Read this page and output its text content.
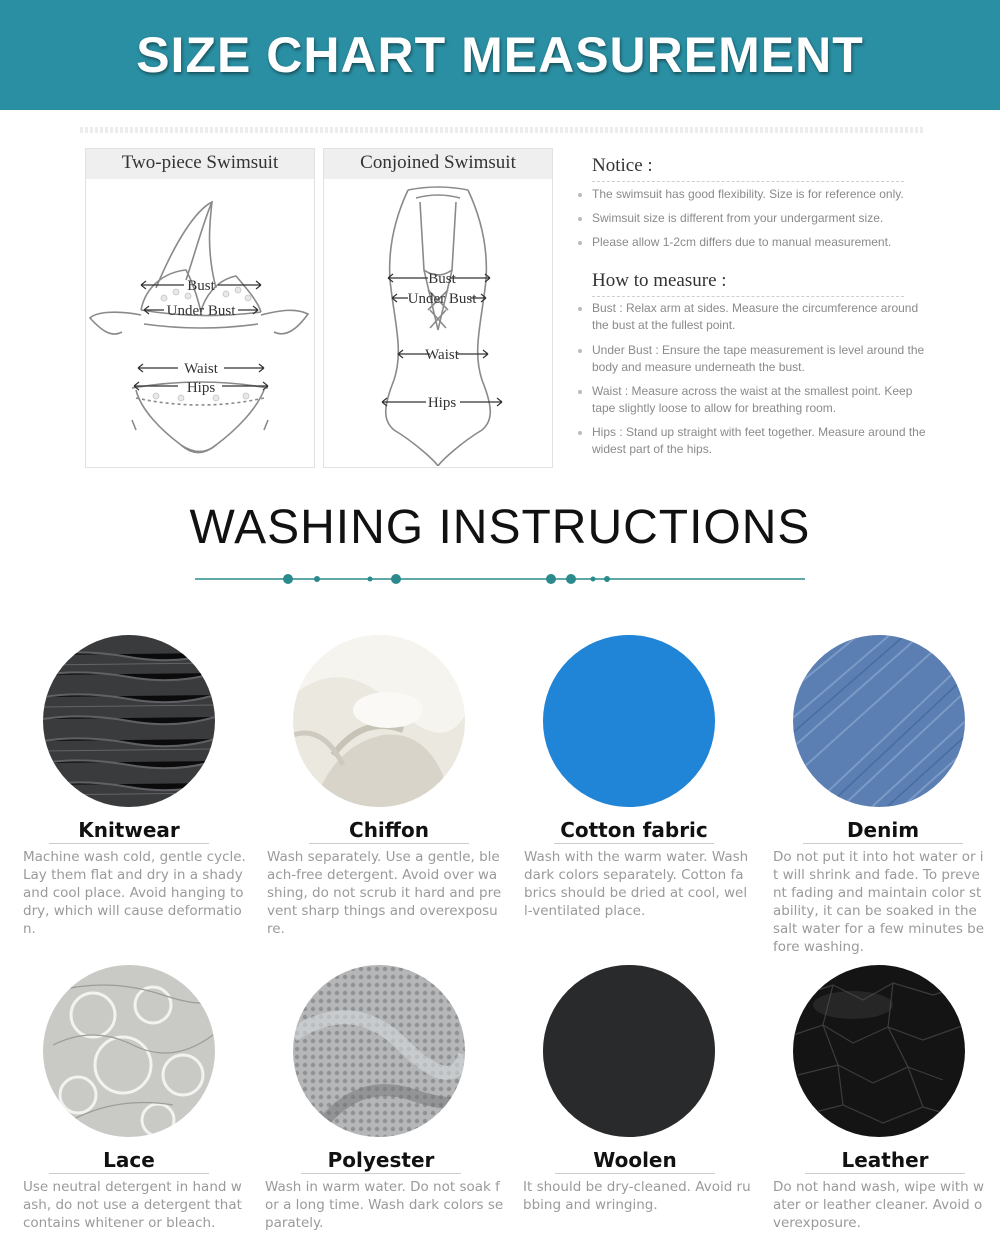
SIZE CHART MEASUREMENT
Two-piece Swimsuit
Bust
Under Bust
Waist
Hips
Conjoined Swimsuit
Bust
Under Bust
Waist
Hips
Notice :
The swimsuit has good flexibility. Size is for reference only.
Swimsuit size is different from your undergarment size.
Please allow 1-2cm differs due to manual measurement.
How to measure :
Bust : Relax arm at sides. Measure the circumference around the bust at the fullest point.
Under Bust : Ensure the tape measurement is level around the body and measure underneath the bust.
Waist : Measure across the waist at the smallest point. Keep tape slightly loose to allow for breathing room.
Hips : Stand up straight with feet together. Measure around the widest part of the hips.
WASHING INSTRUCTIONS
Knitwear
Machine wash cold, gentle cycle. Lay them flat and dry in a shady and cool place. Avoid hanging to dry, which will cause deformation.
Chiffon
Wash separately. Use a gentle, bleach-free detergent. Avoid over washing, do not scrub it hard and prevent sharp things and overexposure.
Cotton fabric
Wash with the warm water. Wash dark colors separately. Cotton fabrics should be dried at cool, well-ventilated place.
Denim
Do not put it into hot water or it will shrink and fade. To prevent fading and maintain color stability, it can be soaked in the salt water for a few minutes before washing.
Lace
Use neutral detergent in hand wash, do not use a detergent that contains whitener or bleach.
Polyester
Wash in warm water. Do not soak for a long time. Wash dark colors separately.
Woolen
It should be dry-cleaned. Avoid rubbing and wringing.
Leather
Do not hand wash, wipe with water or leather cleaner. Avoid overexposure.
